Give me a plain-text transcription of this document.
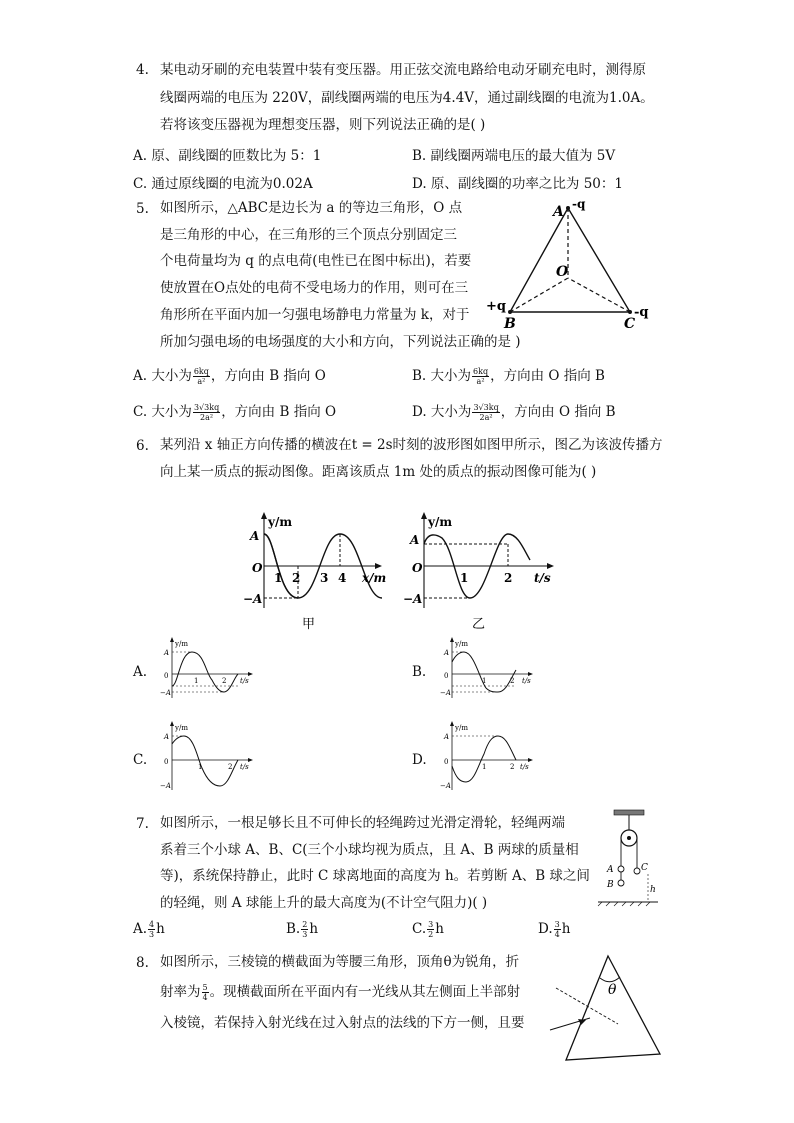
4. 某电动牙刷的充电装置中装有变压器。用正弦交流电路给电动牙刷充电时，测得原
线圈两端的电压为 220V，副线圈两端的电压为4.4V，通过副线圈的电流为1.0A。
若将该变压器视为理想变压器，则下列说法正确的是( )
A. 原、副线圈的匝数比为 5：1	B. 副线圈两端电压的最大值为 5V
C. 通过原线圈的电流为0.02A	D. 原、副线圈的功率之比为 50：1
5. 如图所示，△ABC是边长为 a 的等边三角形，O 点
是三角形的中心，在三角形的三个顶点分别固定三
个电荷量均为 q 的点电荷(电性已在图中标出)，若要
使放置在O点处的电荷不受电场力的作用，则可在三
角形所在平面内加一匀强电场静电力常量为 k，对于
所加匀强电场的电场强度的大小和方向，下列说法正确的是 )
A -q
B
+q
C
-q
O
A. 大小为 $\frac{6kq}{\text{a²}}$ ，方向由 B 指向 O	B. 大小为 $\frac{6kq}{\text{a²}}$ ，方向由 O 指向 B
C. 大小为 $\frac{3√3kq}{\text{2a²}}$ ，方向由 B 指向 O	D. 大小为 $\frac{3√3kq}{\text{2a²}}$ ，方向由 O 指向 B
6. 某列沿 x 轴正方向传播的横波在t = 2s时刻的波形图如图甲所示，图乙为该波传播方
向上某一质点的振动图像。距离该质点 1m 处的质点的振动图像可能为( )
y/m
A
−A
O
1 2 3 4 x/m
甲
y/m
A
−A
O
1	2 t/s
乙
A.	B.
C.	D.
y/m
A
−A
0
1	2 t/s
y/m
A
−A
0
1	2 t/s
y/m
A
−A
0
1	2 t/s
y/m
A
−A
0
1	2 t/s
7. 如图所示，一根足够长且不可伸长的轻绳跨过光滑定滑轮，轻绳两端
系着三个小球 A、B、C(三个小球均视为质点，且 A、B 两球的质量相
等)，系统保持静止，此时 C 球离地面的高度为 h。若剪断 A、B 球之间
的轻绳，则 A 球能上升的最大高度为(不计空气阻力)( )
A
B
C
h
A. $\frac{4}{3}$ h	B. $\frac{2}{3}$ h	C. $\frac{3}{2}$ h	D. $\frac{3}{4}$ h
8. 如图所示，三棱镜的横截面为等腰三角形，顶角θ为锐角，折
射率为 $\frac{5}{4}$ 。现横截面所在平面内有一光线从其左侧面上半部射
入棱镜，若保持入射光线在过入射点的法线的下方一侧，且要
θ
